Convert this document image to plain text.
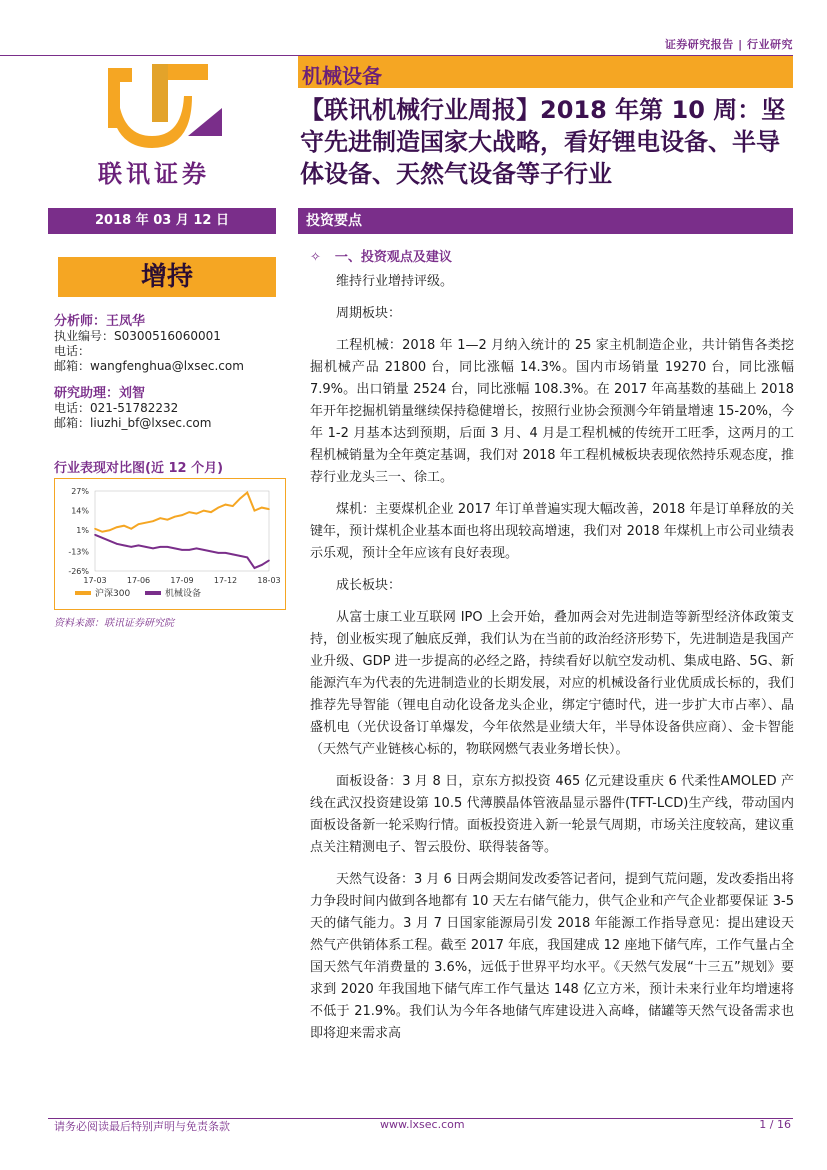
证券研究报告 | 行业研究
联讯证券
机械设备
【联讯机械行业周报】2018 年第 10 周：坚守先进制造国家大战略，看好锂电设备、半导体设备、天然气设备等子行业
2018 年 03 月 12 日	投资要点
增持
分析师：王凤华
执业编号：S0300516060001
电话：
邮箱：wangfenghua@lxsec.com
研究助理：刘智
电话：021-51782232
邮箱：liuzhi_bf@lxsec.com
行业表现对比图(近 12 个月)
27%
14%
1%
-13%
-26%
17-03	17-06	17-09	17-12	18-03
沪深300	机械设备
资料来源：联讯证券研究院

✧ 一、投资观点及建议

维持行业增持评级。

周期板块：

工程机械：2018 年 1—2 月纳入统计的 25 家主机制造企业，共计销售各类挖掘机械产品 21800 台，同比涨幅 14.3%。国内市场销量 19270 台，同比涨幅 7.9%。出口销量 2524 台，同比涨幅 108.3%。在 2017 年高基数的基础上 2018 年开年挖掘机销量继续保持稳健增长，按照行业协会预测今年销量增速 15-20%，今年 1-2 月基本达到预期，后面 3 月、4 月是工程机械的传统开工旺季，这两月的工程机械销量为全年奠定基调，我们对 2018 年工程机械板块表现依然持乐观态度，推荐行业龙头三一、徐工。

煤机：主要煤机企业 2017 年订单普遍实现大幅改善，2018 年是订单释放的关键年，预计煤机企业基本面也将出现较高增速，我们对 2018 年煤机上市公司业绩表示乐观，预计全年应该有良好表现。

成长板块：

从富士康工业互联网 IPO 上会开始，叠加两会对先进制造等新型经济体政策支持，创业板实现了触底反弹，我们认为在当前的政治经济形势下，先进制造是我国产业升级、GDP 进一步提高的必经之路，持续看好以航空发动机、集成电路、5G、新能源汽车为代表的先进制造业的长期发展，对应的机械设备行业优质成长标的，我们推荐先导智能（锂电自动化设备龙头企业，绑定宁德时代，进一步扩大市占率）、晶盛机电（光伏设备订单爆发，今年依然是业绩大年，半导体设备供应商）、金卡智能（天然气产业链核心标的，物联网燃气表业务增长快）。

面板设备：3 月 8 日，京东方拟投资 465 亿元建设重庆 6 代柔性AMOLED 产线在武汉投资建设第 10.5 代薄膜晶体管液晶显示器件(TFT-LCD)生产线，带动国内面板设备新一轮采购行情。面板投资进入新一轮景气周期，市场关注度较高，建议重点关注精测电子、智云股份、联得装备等。

天然气设备：3 月 6 日两会期间发改委答记者问，提到气荒问题，发改委指出将力争段时间内做到各地都有 10 天左右储气能力，供气企业和产气企业都要保证 3-5 天的储气能力。3 月 7 日国家能源局引发 2018 年能源工作指导意见：提出建设天然气产供销体系工程。截至 2017 年底，我国建成 12 座地下储气库，工作气量占全国天然气年消费量的 3.6%，远低于世界平均水平。《天然气发展“十三五”规划》要求到 2020 年我国地下储气库工作气量达 148 亿立方米，预计未来行业年均增速将不低于 21.9%。我们认为今年各地储气库建设进入高峰，储罐等天然气设备需求也即将迎来需求高

请务必阅读最后特别声明与免责条款	www.lxsec.com	1 / 16
